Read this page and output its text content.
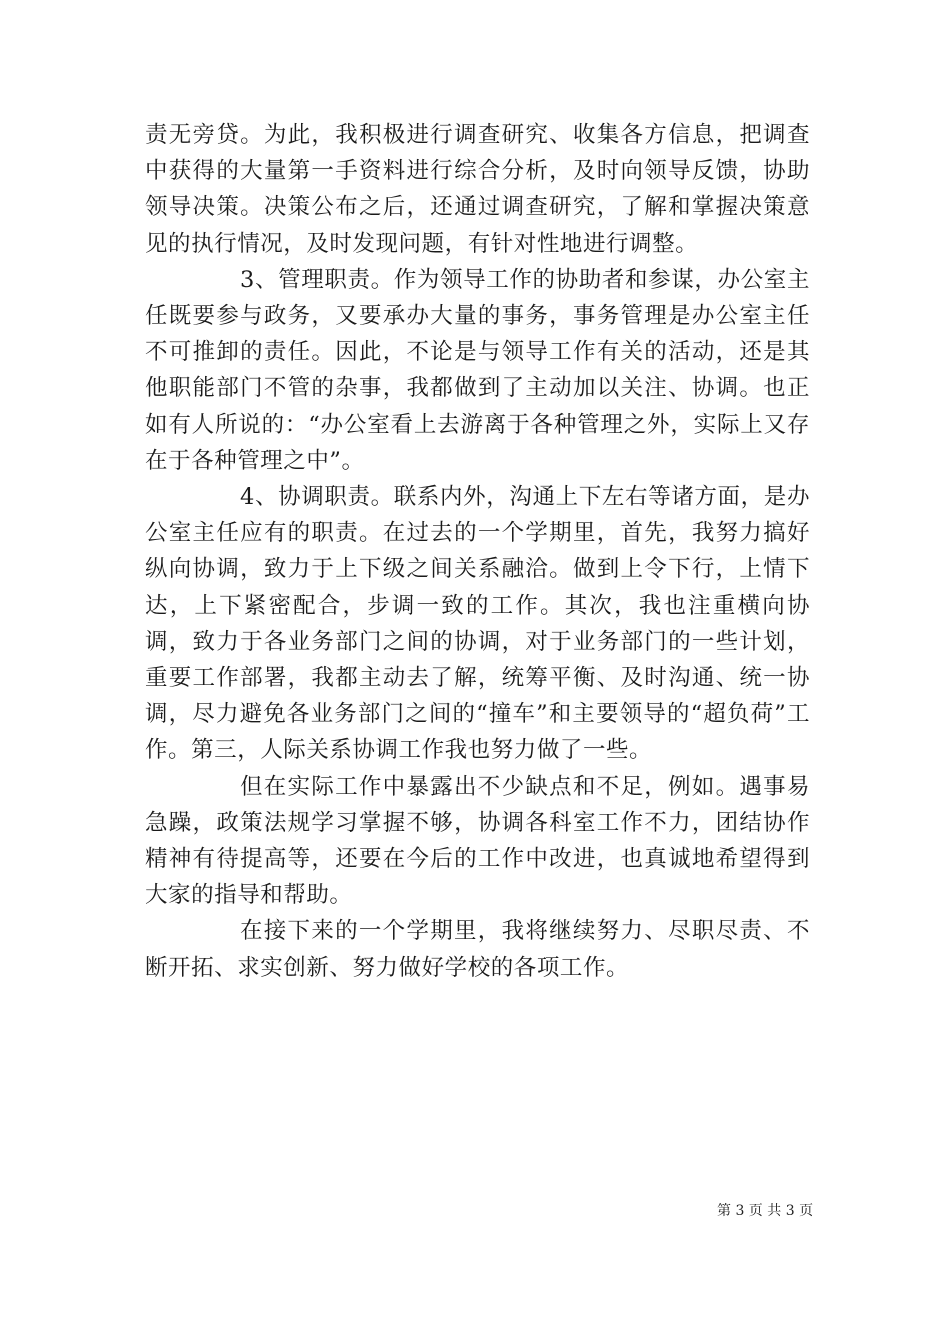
责无旁贷。为此，我积极进行调查研究、收集各方信息，把调查中获得的大量第一手资料进行综合分析，及时向领导反馈，协助领导决策。决策公布之后，还通过调查研究，了解和掌握决策意见的执行情况，及时发现问题，有针对性地进行调整。

3、管理职责。作为领导工作的协助者和参谋，办公室主任既要参与政务，又要承办大量的事务，事务管理是办公室主任不可推卸的责任。因此，不论是与领导工作有关的活动，还是其他职能部门不管的杂事，我都做到了主动加以关注、协调。也正如有人所说的：“办公室看上去游离于各种管理之外，实际上又存在于各种管理之中”。

4、协调职责。联系内外，沟通上下左右等诸方面，是办公室主任应有的职责。在过去的一个学期里，首先，我努力搞好纵向协调，致力于上下级之间关系融洽。做到上令下行，上情下达，上下紧密配合，步调一致的工作。其次，我也注重横向协调，致力于各业务部门之间的协调，对于业务部门的一些计划，重要工作部署，我都主动去了解，统筹平衡、及时沟通、统一协调，尽力避免各业务部门之间的“撞车”和主要领导的“超负荷”工作。第三，人际关系协调工作我也努力做了一些。

但在实际工作中暴露出不少缺点和不足，例如。遇事易急躁，政策法规学习掌握不够，协调各科室工作不力，团结协作精神有待提高等，还要在今后的工作中改进，也真诚地希望得到大家的指导和帮助。

在接下来的一个学期里，我将继续努力、尽职尽责、不断开拓、求实创新、努力做好学校的各项工作。

第 3 页 共 3 页
